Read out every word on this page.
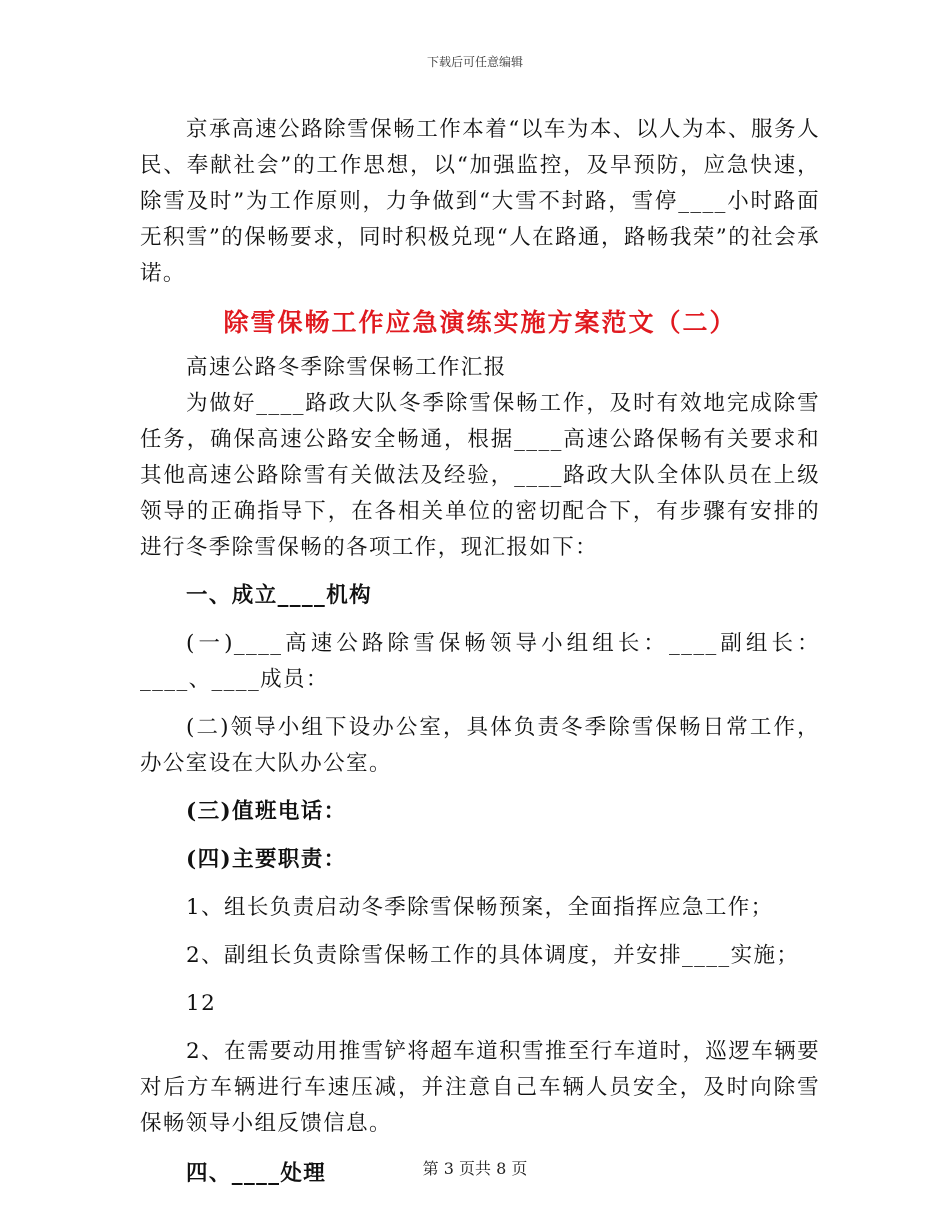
下载后可任意编辑

京承高速公路除雪保畅工作本着“以车为本、以人为本、服务人民、奉献社会”的工作思想，以“加强监控，及早预防，应急快速，除雪及时”为工作原则，力争做到“大雪不封路，雪停____小时路面无积雪”的保畅要求，同时积极兑现“人在路通，路畅我荣”的社会承诺。

除雪保畅工作应急演练实施方案范文（二）

高速公路冬季除雪保畅工作汇报

为做好____路政大队冬季除雪保畅工作，及时有效地完成除雪任务，确保高速公路安全畅通，根据____高速公路保畅有关要求和其他高速公路除雪有关做法及经验，____路政大队全体队员在上级领导的正确指导下，在各相关单位的密切配合下，有步骤有安排的进行冬季除雪保畅的各项工作，现汇报如下：

一、成立____机构

(一)____高速公路除雪保畅领导小组组长：____副组长：____、____成员：

(二)领导小组下设办公室，具体负责冬季除雪保畅日常工作，办公室设在大队办公室。

(三)值班电话：

(四)主要职责：

1、组长负责启动冬季除雪保畅预案，全面指挥应急工作；

2、副组长负责除雪保畅工作的具体调度，并安排____实施；

12

2、在需要动用推雪铲将超车道积雪推至行车道时，巡逻车辆要对后方车辆进行车速压减，并注意自己车辆人员安全，及时向除雪保畅领导小组反馈信息。

四、____处理	第 3 页共 8 页
